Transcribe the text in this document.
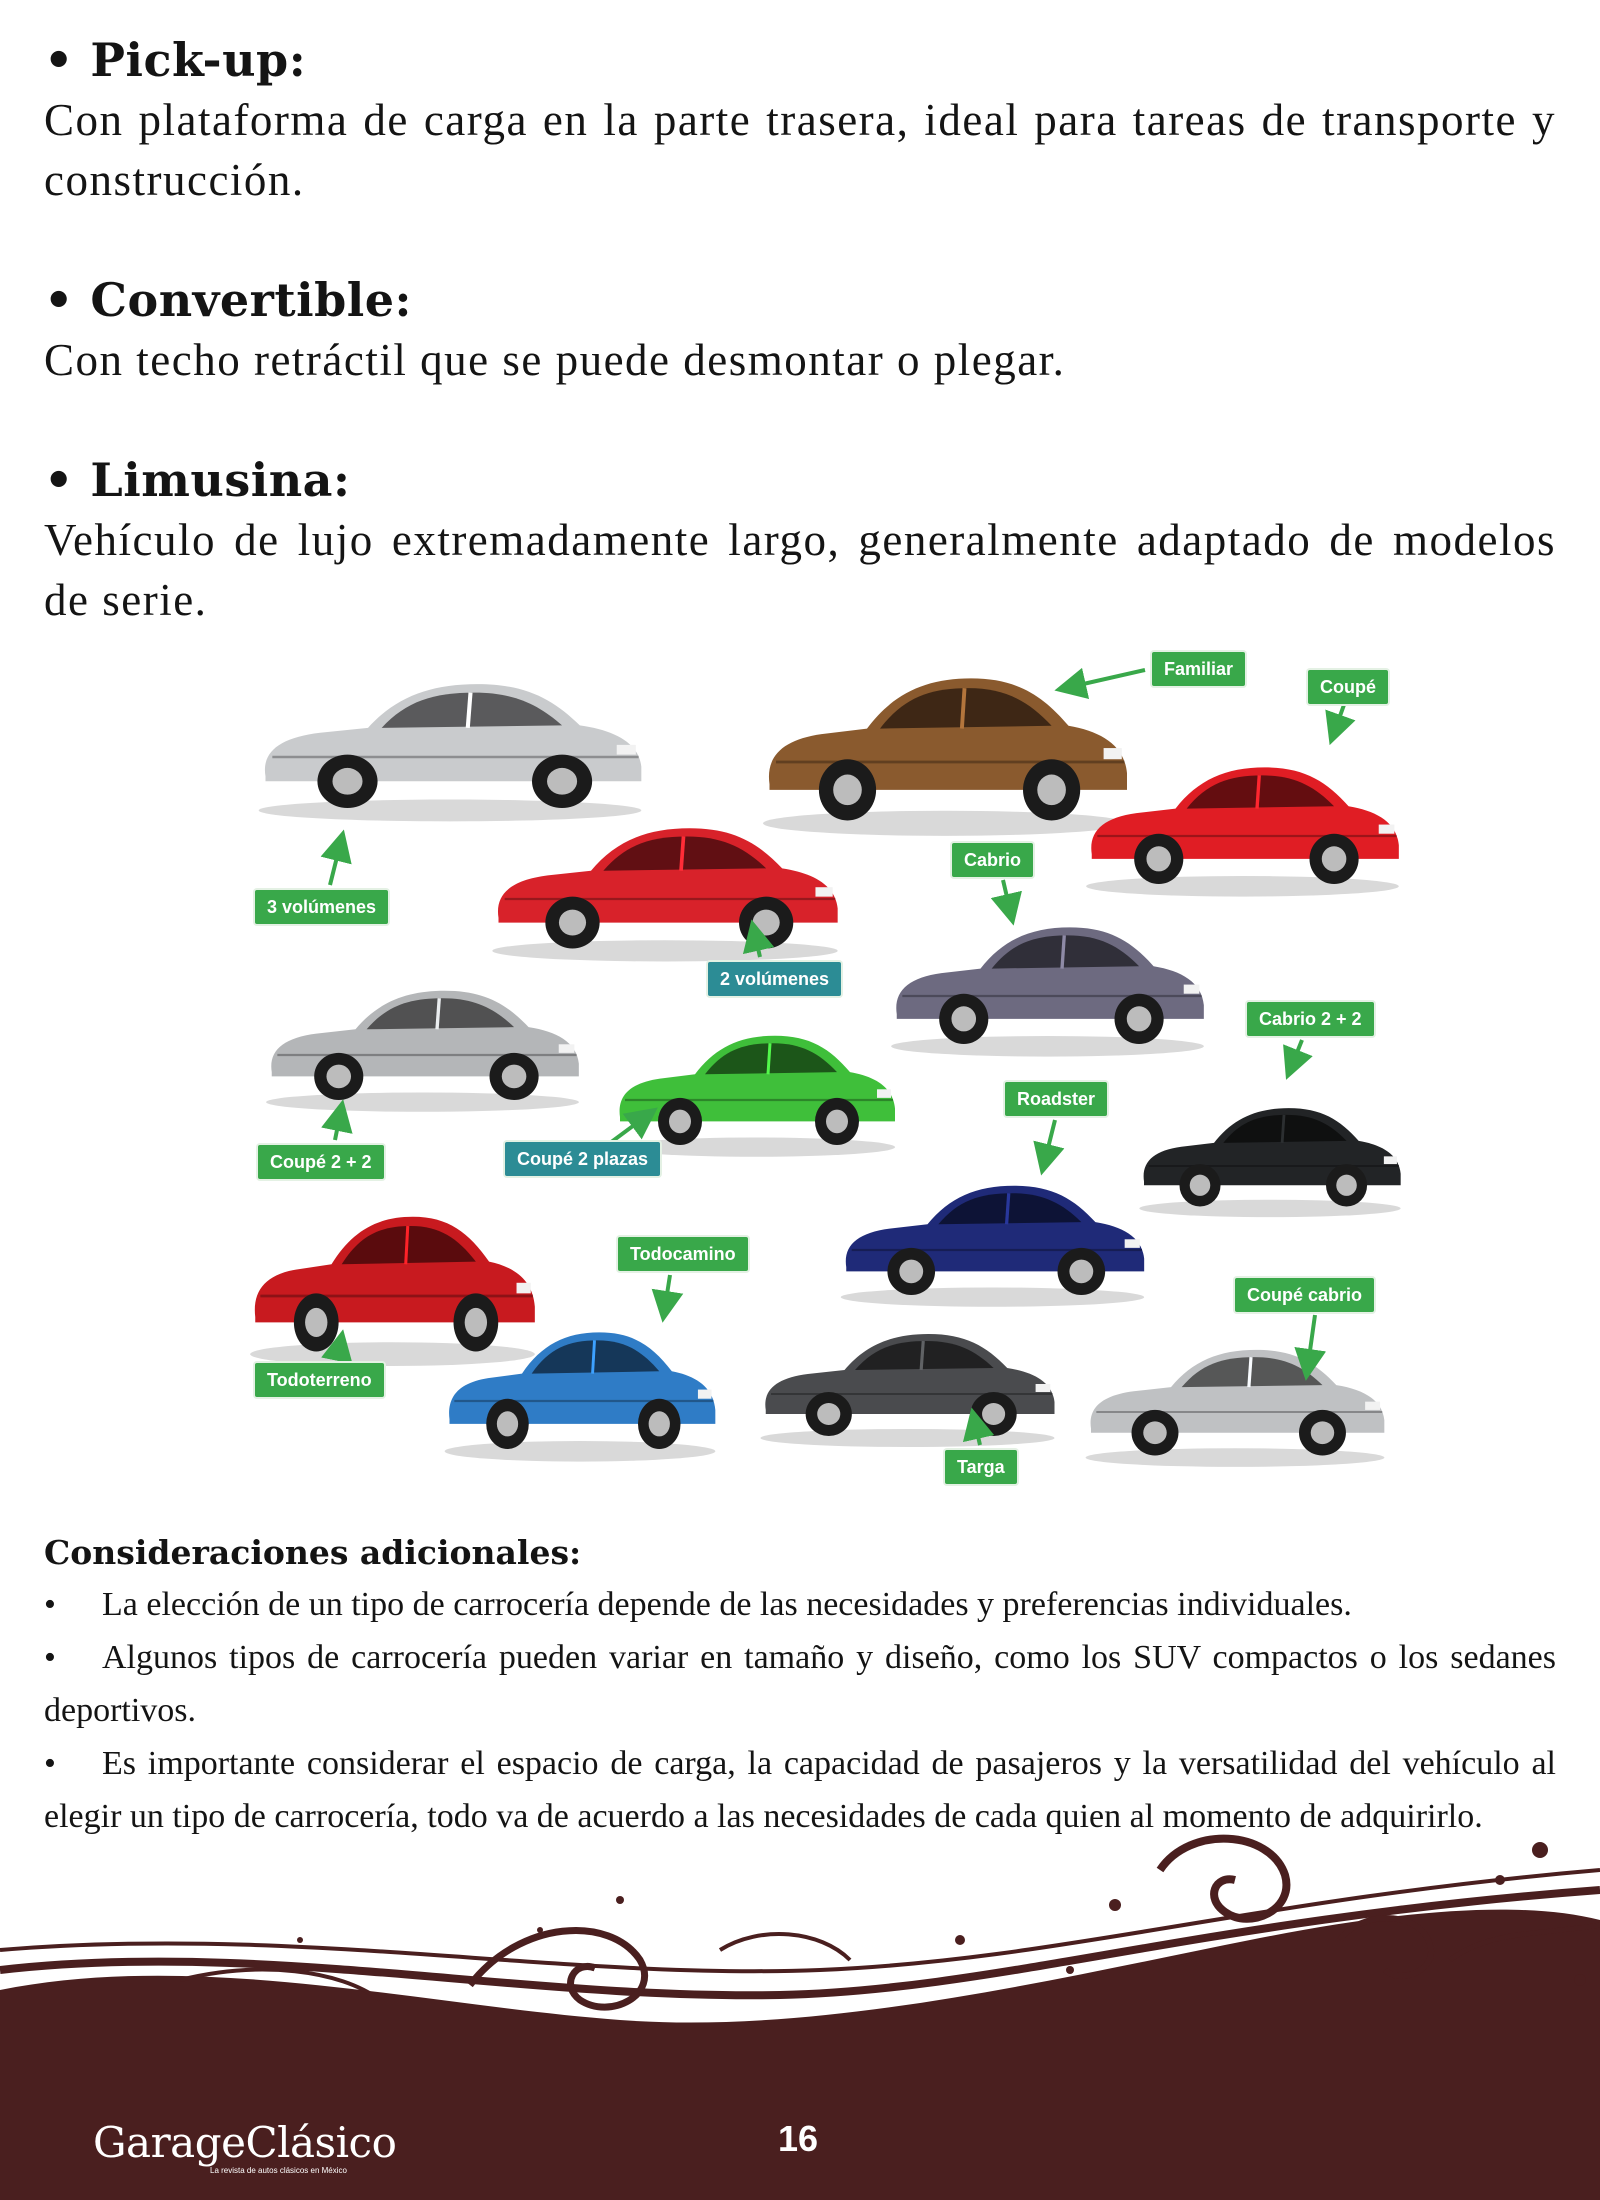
• Pick-up:

Con plataforma de carga en la parte trasera, ideal para tareas de transporte y construcción.

• Convertible:

Con techo retráctil que se puede desmontar o plegar.

• Limusina:

Vehículo de lujo extremadamente largo, generalmente adaptado de modelos de serie.

Familiar
Coupé
3 volúmenes
2 volúmenes
Cabrio
Cabrio 2 + 2
Coupé 2 + 2	Coupé 2 plazas
Roadster
Todocamino
Coupé cabrio
Todoterreno
Targa
Consideraciones adicionales:

• La elección de un tipo de carrocería depende de las necesidades y preferencias individuales.

• Algunos tipos de carrocería pueden variar en tamaño y diseño, como los SUV compactos o los sedanes deportivos.

• Es importante considerar el espacio de carga, la capacidad de pasajeros y la versatilidad del vehículo al elegir un tipo de carrocería, todo va de acuerdo a las necesidades de cada quien al momento de adquirirlo.

GarageClásico
La revista de autos clásicos en México
16
